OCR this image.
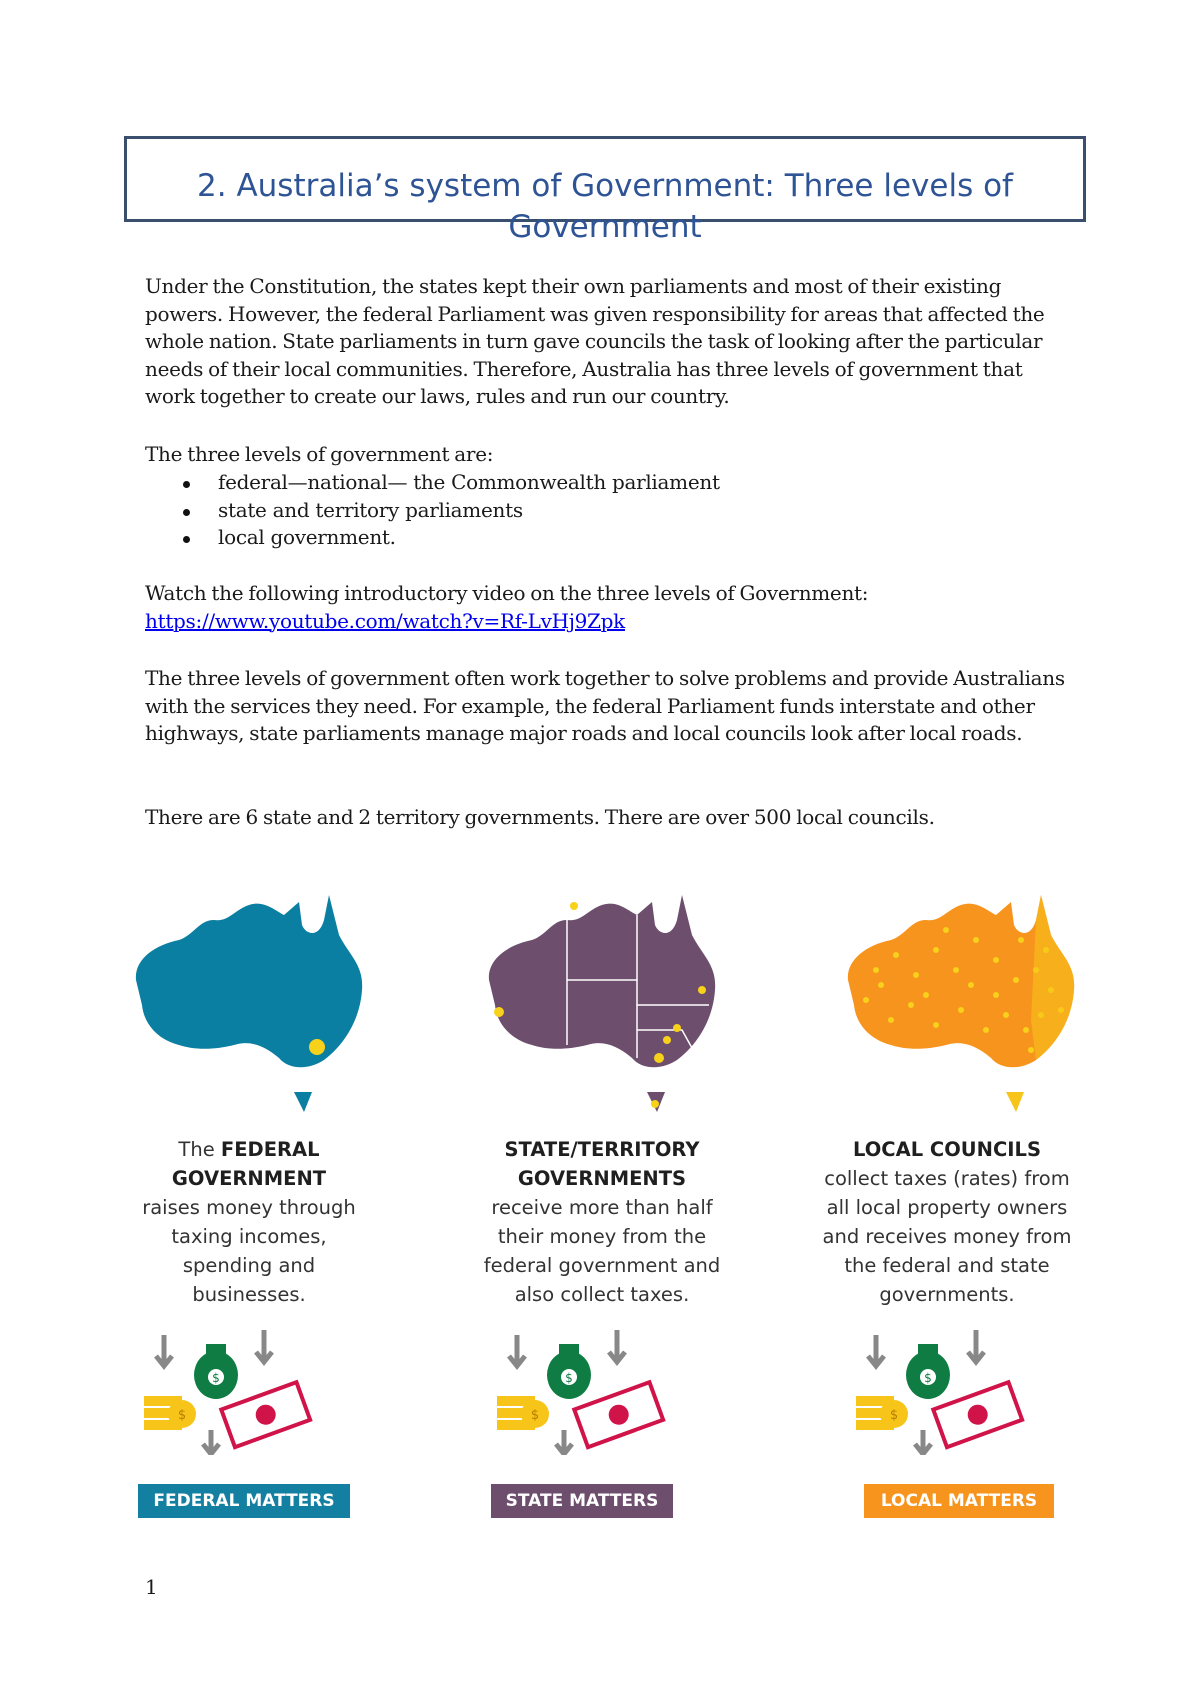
2. Australia’s system of Government: Three levels of Government

Under the Constitution, the states kept their own parliaments and most of their existing powers. However, the federal Parliament was given responsibility for areas that affected the whole nation. State parliaments in turn gave councils the task of looking after the particular needs of their local communities. Therefore, Australia has three levels of government that work together to create our laws, rules and run our country.

The three levels of government are:
federal—national— the Commonwealth parliament
state and territory parliaments
local government.

Watch the following introductory video on the three levels of Government:

https://www.youtube.com/watch?v=Rf-LvHj9Zpk

The three levels of government often work together to solve problems and provide Australians with the services they need. For example, the federal Parliament funds interstate and other highways, state parliaments manage major roads and local councils look after local roads.

There are 6 state and 2 territory governments. There are over 500 local councils.

The FEDERAL GOVERNMENT
raises money through taxing incomes, spending and businesses.
$
$
FEDERAL MATTERS
STATE/TERRITORY GOVERNMENTS
receive more than half their money from the federal government and also collect taxes.
$
$
STATE MATTERS
LOCAL COUNCILS
collect taxes (rates) from all local property owners and receives money from the federal and state governments.
$
$
LOCAL MATTERS
1
